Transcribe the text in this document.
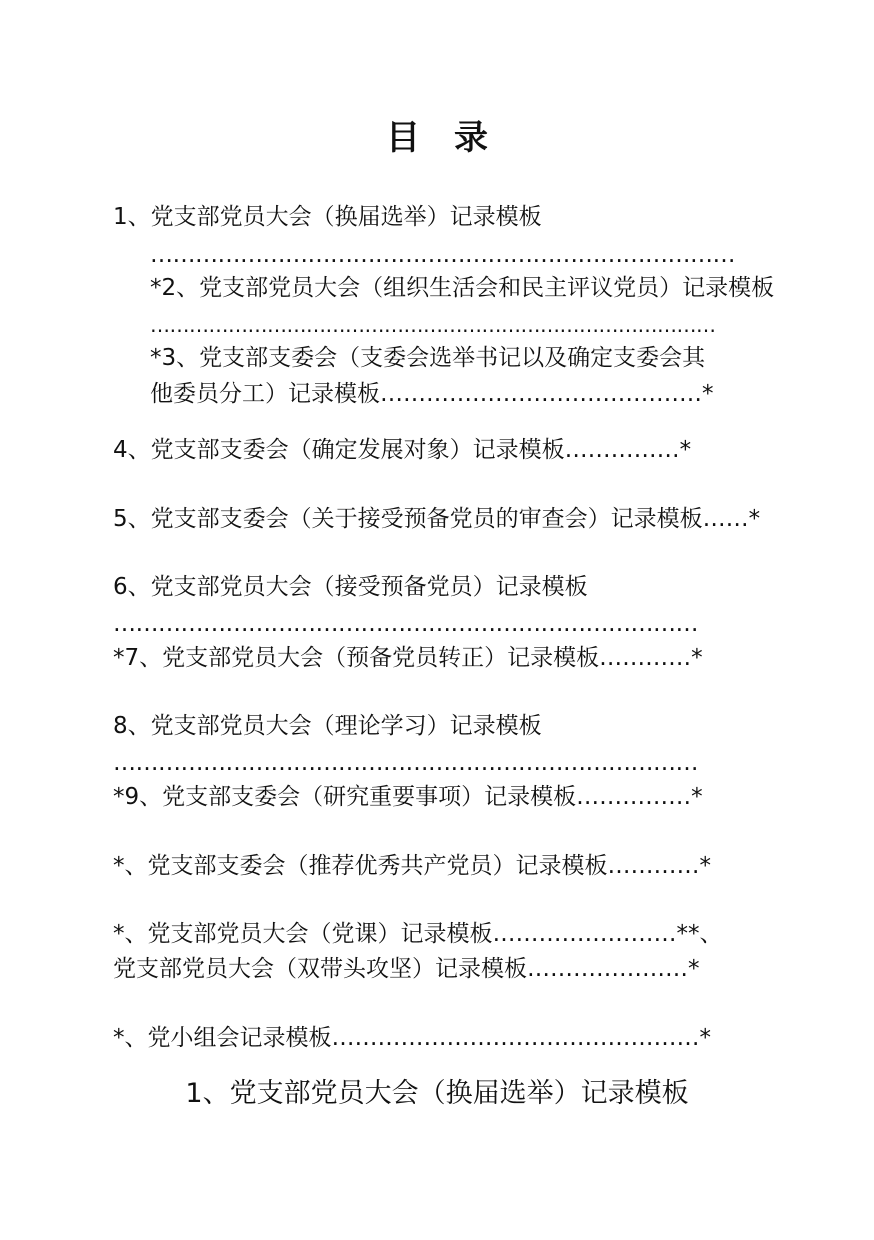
目　录
1、党支部党员大会（换届选举）记录模板
……………………………………………………………………
*2、党支部党员大会（组织生活会和民主评议党员）记录模板
……………………………………………………………………………
*3、党支部支委会（支委会选举书记以及确定支委会其
他委员分工）记录模板……………………………………*
4、党支部支委会（确定发展对象）记录模板……………*
5、党支部支委会（关于接受预备党员的审查会）记录模板……*
6、党支部党员大会（接受预备党员）记录模板
……………………………………………………………………
*7、党支部党员大会（预备党员转正）记录模板…………*
8、党支部党员大会（理论学习）记录模板
……………………………………………………………………
*9、党支部支委会（研究重要事项）记录模板……………*
*、党支部支委会（推荐优秀共产党员）记录模板…………*
*、党支部党员大会（党课）记录模板……………………**、
党支部党员大会（双带头攻坚）记录模板…………………*
*、党小组会记录模板…………………………………………*
1、党支部党员大会（换届选举）记录模板
